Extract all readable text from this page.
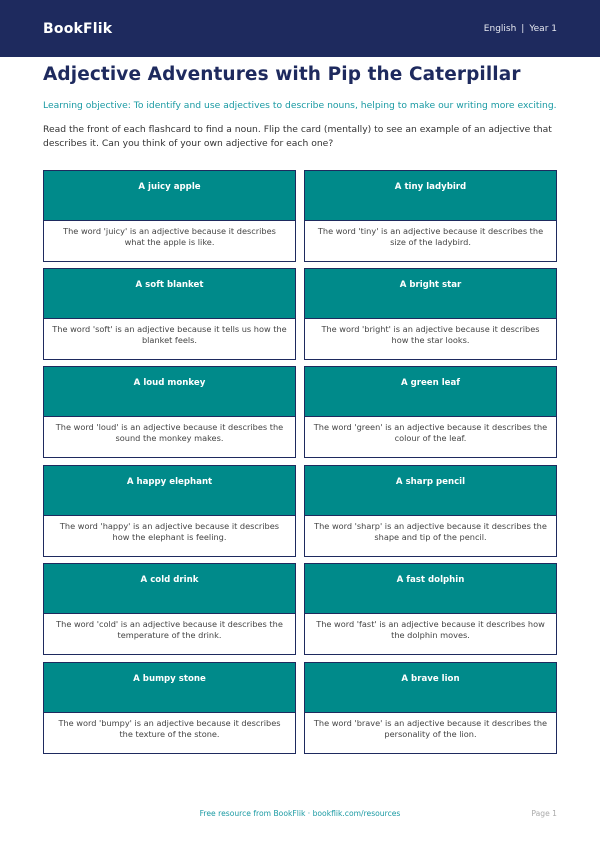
BookFlik	English | Year 1
Adjective Adventures with Pip the Caterpillar

Learning objective: To identify and use adjectives to describe nouns, helping to make our writing more exciting.

Read the front of each flashcard to find a noun. Flip the card (mentally) to see an example of an adjective that describes it. Can you think of your own adjective for each one?

A juicy apple
The word 'juicy' is an adjective because it describes what the apple is like.
A tiny ladybird
The word 'tiny' is an adjective because it describes the size of the ladybird.
A soft blanket
The word 'soft' is an adjective because it tells us how the blanket feels.
A bright star
The word 'bright' is an adjective because it describes how the star looks.
A loud monkey
The word 'loud' is an adjective because it describes the sound the monkey makes.
A green leaf
The word 'green' is an adjective because it describes the colour of the leaf.
A happy elephant
The word 'happy' is an adjective because it describes how the elephant is feeling.
A sharp pencil
The word 'sharp' is an adjective because it describes the shape and tip of the pencil.
A cold drink
The word 'cold' is an adjective because it describes the temperature of the drink.
A fast dolphin
The word 'fast' is an adjective because it describes how the dolphin moves.
A bumpy stone
The word 'bumpy' is an adjective because it describes the texture of the stone.
A brave lion
The word 'brave' is an adjective because it describes the personality of the lion.
Free resource from BookFlik · bookflik.com/resources	Page 1
